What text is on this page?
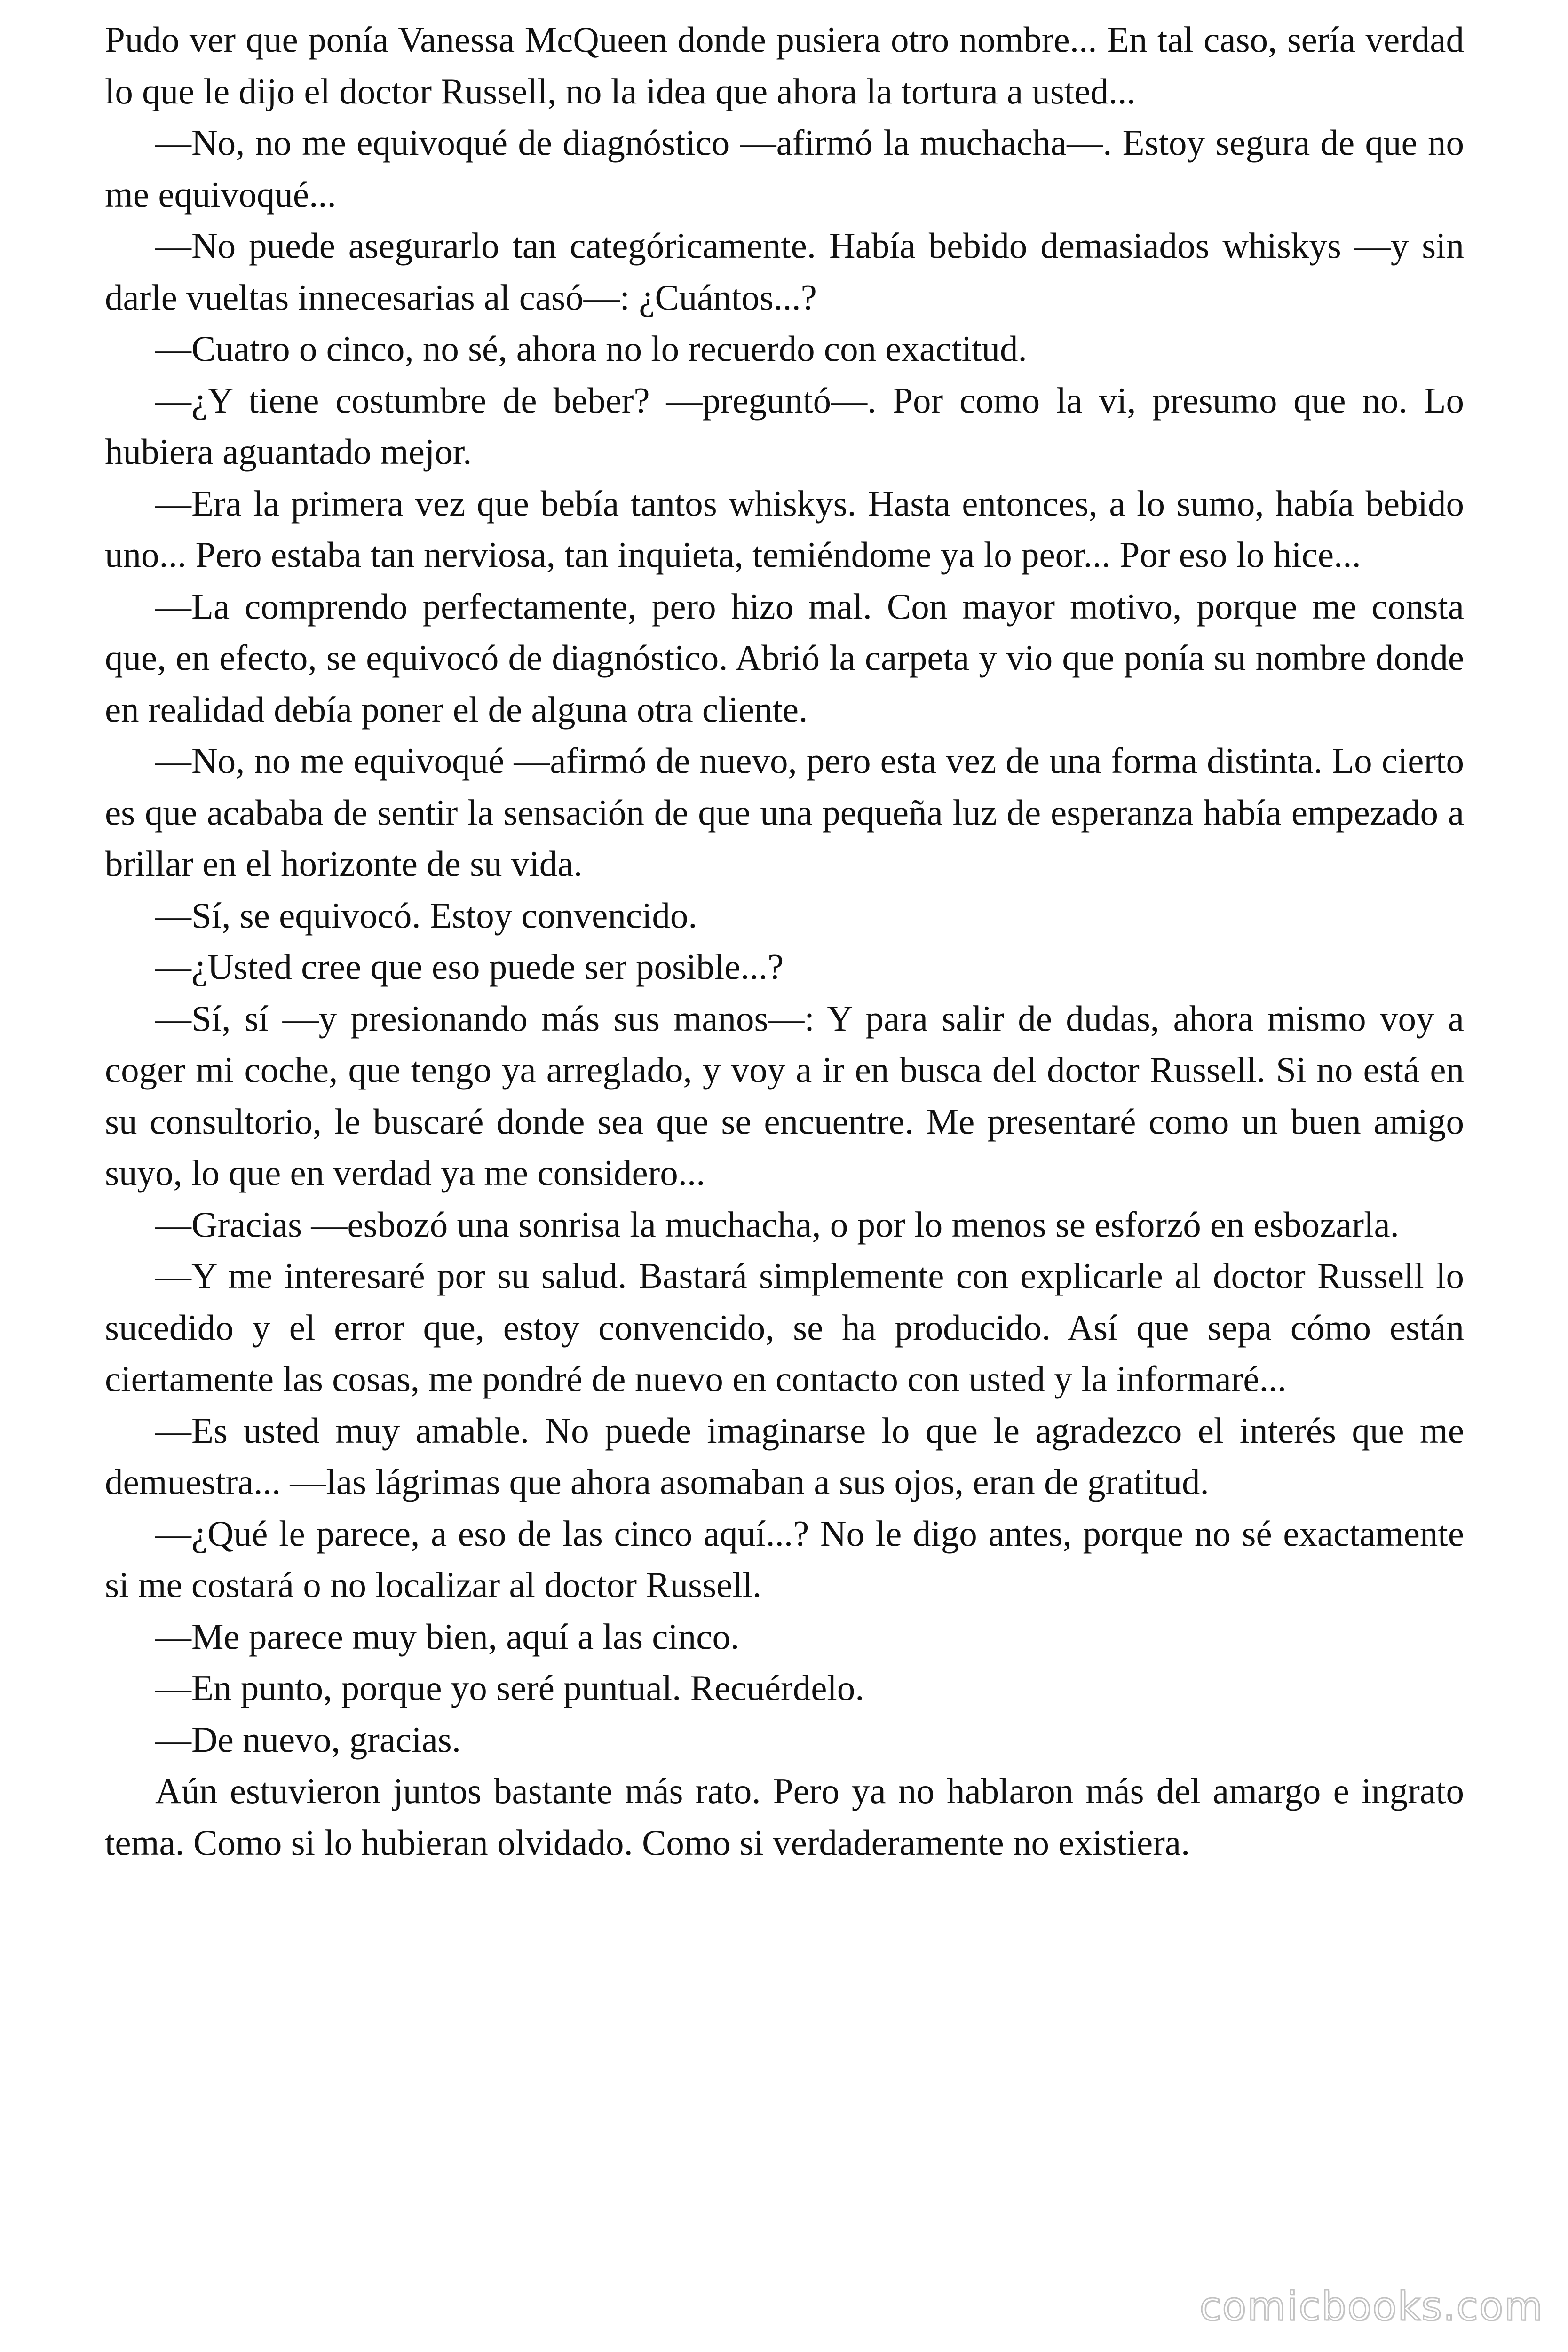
Pudo ver que ponía Vanessa McQueen donde pusiera otro nombre... En tal caso, sería verdad lo que le dijo el doctor Russell, no la idea que ahora la tortura a usted...

—No, no me equivoqué de diagnóstico —afirmó la muchacha—. Estoy segura de que no me equivoqué...

—No puede asegurarlo tan categóricamente. Había bebido demasiados whiskys —y sin darle vueltas innecesarias al casó—: ¿Cuántos...?

—Cuatro o cinco, no sé, ahora no lo recuerdo con exactitud.

—¿Y tiene costumbre de beber? —preguntó—. Por como la vi, presumo que no. Lo hubiera aguantado mejor.

—Era la primera vez que bebía tantos whiskys. Hasta entonces, a lo sumo, había bebido uno... Pero estaba tan nerviosa, tan inquieta, temiéndome ya lo peor... Por eso lo hice...

—La comprendo perfectamente, pero hizo mal. Con mayor motivo, porque me consta que, en efecto, se equivocó de diagnóstico. Abrió la carpeta y vio que ponía su nombre donde en realidad debía poner el de alguna otra cliente.

—No, no me equivoqué —afirmó de nuevo, pero esta vez de una forma distinta. Lo cierto es que acababa de sentir la sensación de que una pequeña luz de esperanza había empezado a brillar en el horizonte de su vida.

—Sí, se equivocó. Estoy convencido.

—¿Usted cree que eso puede ser posible...?

—Sí, sí —y presionando más sus manos—: Y para salir de dudas, ahora mismo voy a coger mi coche, que tengo ya arreglado, y voy a ir en busca del doctor Russell. Si no está en su consultorio, le buscaré donde sea que se encuentre. Me presentaré como un buen amigo suyo, lo que en verdad ya me considero...

—Gracias —esbozó una sonrisa la muchacha, o por lo menos se esforzó en esbozarla.

—Y me interesaré por su salud. Bastará simplemente con explicarle al doctor Russell lo sucedido y el error que, estoy convencido, se ha producido. Así que sepa cómo están ciertamente las cosas, me pondré de nuevo en contacto con usted y la informaré...

—Es usted muy amable. No puede imaginarse lo que le agradezco el interés que me demuestra... —las lágrimas que ahora asomaban a sus ojos, eran de gratitud.

—¿Qué le parece, a eso de las cinco aquí...? No le digo antes, porque no sé exactamente si me costará o no localizar al doctor Russell.

—Me parece muy bien, aquí a las cinco.

—En punto, porque yo seré puntual. Recuérdelo.

—De nuevo, gracias.

Aún estuvieron juntos bastante más rato. Pero ya no hablaron más del amargo e ingrato tema. Como si lo hubieran olvidado. Como si verdaderamente no existiera.

comicbooks.com
